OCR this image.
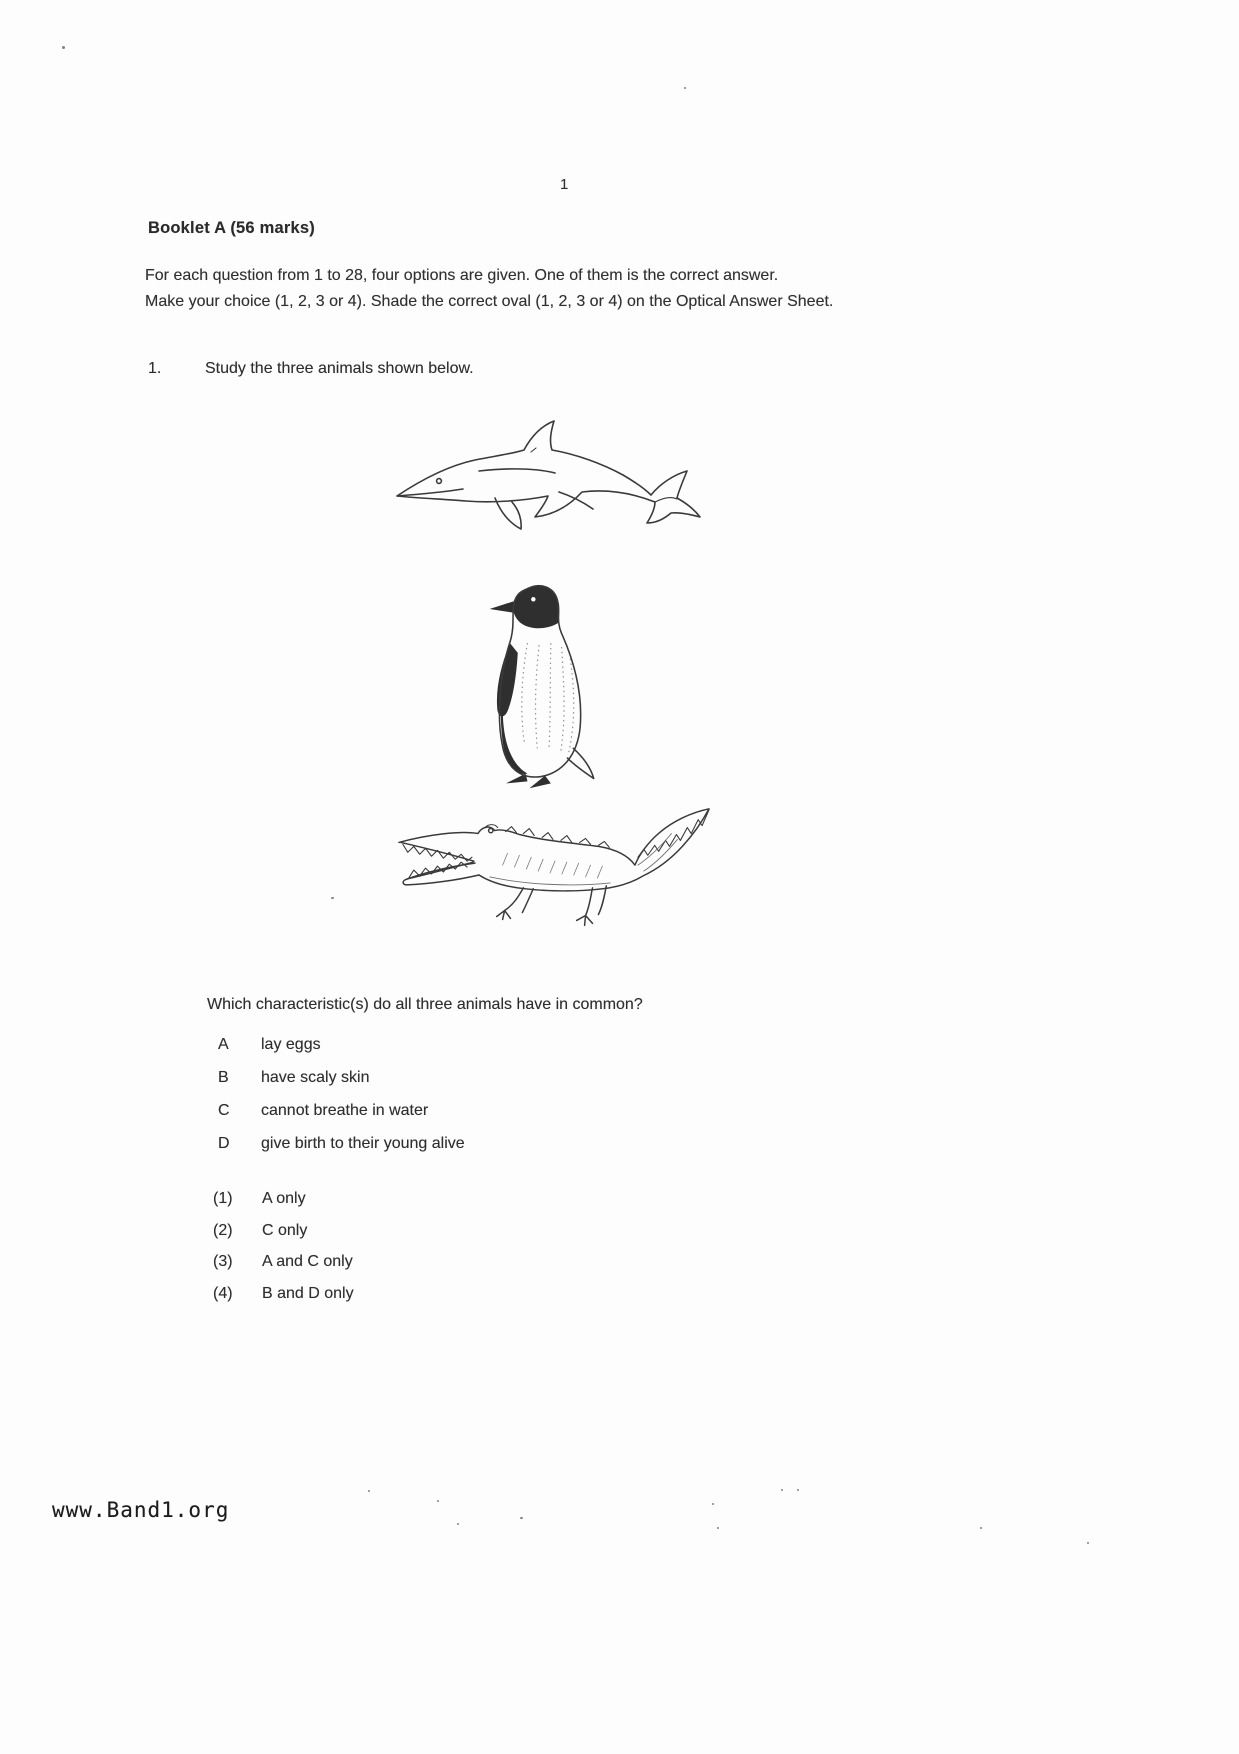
1
Booklet A (56 marks)

For each question from 1 to 28, four options are given. One of them is the correct answer.
Make your choice (1, 2, 3 or 4). Shade the correct oval (1, 2, 3 or 4) on the Optical Answer Sheet.

1.	Study the three animals shown below.

Which characteristic(s) do all three animals have in common?

A	lay eggs
B	have scaly skin
C	cannot breathe in water
D	give birth to their young alive
(1)	A only
(2)	C only
(3)	A and C only
(4)	B and D only
www.Band1.org
